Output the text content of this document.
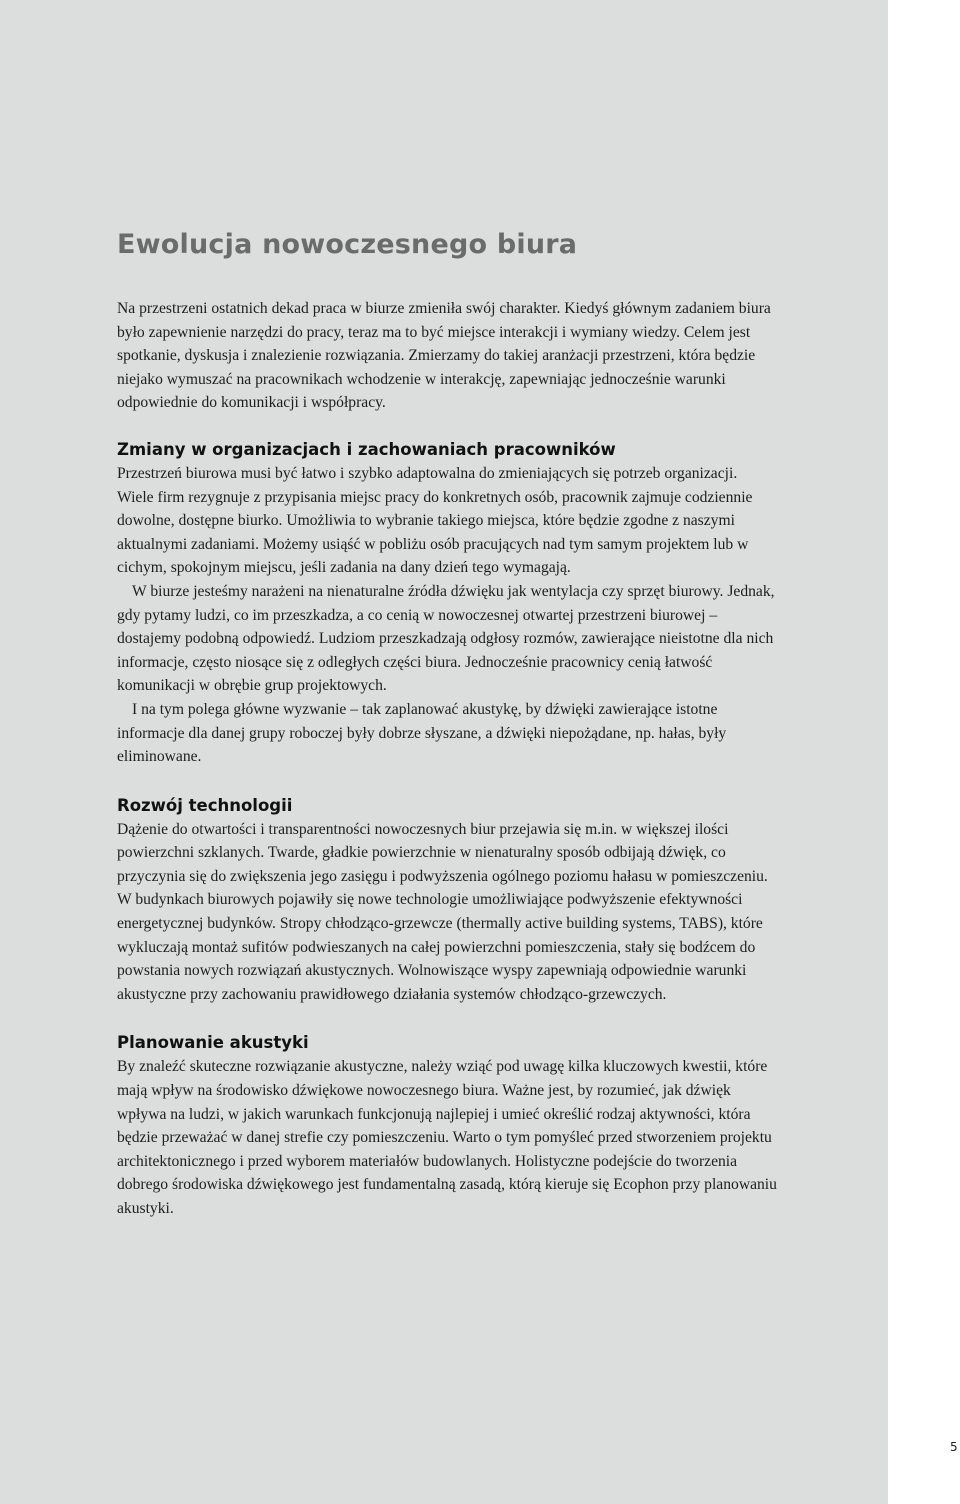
Ewolucja nowoczesnego biura

Na przestrzeni ostatnich dekad praca w biurze zmieniła swój charakter. Kiedyś głównym zadaniem biura było zapewnienie narzędzi do pracy, teraz ma to być miejsce interakcji i wymiany wiedzy. Celem jest spotkanie, dyskusja i znalezienie rozwiązania. Zmierzamy do takiej aranżacji przestrzeni, która będzie niejako wymuszać na pracownikach wchodzenie w interakcję, zapewniając jednocześnie warunki odpowiednie do komunikacji i współpracy.

Zmiany w organizacjach i zachowaniach pracowników

Przestrzeń biurowa musi być łatwo i szybko adaptowalna do zmieniających się potrzeb organizacji. Wiele firm rezygnuje z przypisania miejsc pracy do konkretnych osób, pracownik zajmuje codziennie dowolne, dostępne biurko. Umożliwia to wybranie takiego miejsca, które będzie zgodne z naszymi aktualnymi zadaniami. Możemy usiąść w pobliżu osób pracujących nad tym samym projektem lub w cichym, spokojnym miejscu, jeśli zadania na dany dzień tego wymagają.

W biurze jesteśmy narażeni na nienaturalne źródła dźwięku jak wentylacja czy sprzęt biurowy. Jednak, gdy pytamy ludzi, co im przeszkadza, a co cenią w nowoczesnej otwartej przestrzeni biurowej – dostajemy podobną odpowiedź. Ludziom przeszkadzają odgłosy rozmów, zawierające nieistotne dla nich informacje, często niosące się z odległych części biura. Jednocześnie pracownicy cenią łatwość komunikacji w obrębie grup projektowych.

I na tym polega główne wyzwanie – tak zaplanować akustykę, by dźwięki zawierające istotne informacje dla danej grupy roboczej były dobrze słyszane, a dźwięki niepożądane, np. hałas, były eliminowane.

Rozwój technologii

Dążenie do otwartości i transparentności nowoczesnych biur przejawia się m.in. w większej ilości powierzchni szklanych. Twarde, gładkie powierzchnie w nienaturalny sposób odbijają dźwięk, co przyczynia się do zwiększenia jego zasięgu i podwyższenia ogólnego poziomu hałasu w pomieszczeniu. W budynkach biurowych pojawiły się nowe technologie umożliwiające podwyższenie efektywności energetycznej budynków. Stropy chłodząco-grzewcze (thermally active building systems, TABS), które wykluczają montaż sufitów podwieszanych na całej powierzchni pomieszczenia, stały się bodźcem do powstania nowych rozwiązań akustycznych. Wolnowiszące wyspy zapewniają odpowiednie warunki akustyczne przy zachowaniu prawidłowego działania systemów chłodząco-grzewczych.

Planowanie akustyki

By znaleźć skuteczne rozwiązanie akustyczne, należy wziąć pod uwagę kilka kluczowych kwestii, które mają wpływ na środowisko dźwiękowe nowoczesnego biura. Ważne jest, by rozumieć, jak dźwięk wpływa na ludzi, w jakich warunkach funkcjonują najlepiej i umieć określić rodzaj aktywności, która będzie przeważać w danej strefie czy pomieszczeniu. Warto o tym pomyśleć przed stworzeniem projektu architektonicznego i przed wyborem materiałów budowlanych. Holistyczne podejście do tworzenia dobrego środowiska dźwiękowego jest fundamentalną zasadą, którą kieruje się Ecophon przy planowaniu akustyki.

5
